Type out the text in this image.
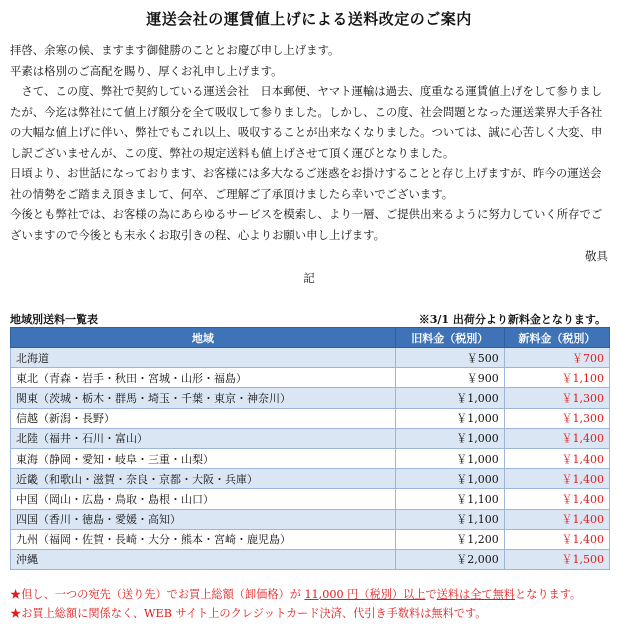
運送会社の運賃値上げによる送料改定のご案内

拝啓、余寒の候、ますます御健勝のこととお慶び申し上げます。

平素は格別のご高配を賜り、厚くお礼申し上げます。

さて、この度、弊社で契約している運送会社　日本郵便、ヤマト運輸は過去、度重なる運賃値上げをして参りましたが、今迄は弊社にて値上げ額分を全て吸収して参りました。しかし、この度、社会問題となった運送業界大手各社の大幅な値上げに伴い、弊社でもこれ以上、吸収することが出来なくなりました。ついては、誠に心苦しく大変、申し訳ございませんが、この度、弊社の規定送料も値上げさせて頂く運びとなりました。

日頃より、お世話になっております、お客様には多大なるご迷惑をお掛けすることと存じ上げますが、昨今の運送会社の情勢をご踏まえ頂きまして、何卒、ご理解ご了承頂けましたら幸いでございます。

今後とも弊社では、お客様の為にあらゆるサービスを模索し、より一層、ご提供出来るように努力していく所存でございますので今後とも末永くお取引きの程、心よりお願い申し上げます。

敬具
記
地域別送料一覧表	※3/1 出荷分より新料金となります。
地域	旧料金（税別）	新料金（税別）
北海道	￥500	￥700
東北（青森・岩手・秋田・宮城・山形・福島）	￥900	￥1,100
関東（茨城・栃木・群馬・埼玉・千葉・東京・神奈川）	￥1,000	￥1,300
信越（新潟・長野）	￥1,000	￥1,300
北陸（福井・石川・富山）	￥1,000	￥1,400
東海（静岡・愛知・岐阜・三重・山梨）	￥1,000	￥1,400
近畿（和歌山・滋賀・奈良・京都・大阪・兵庫）	￥1,000	￥1,400
中国（岡山・広島・鳥取・島根・山口）	￥1,100	￥1,400
四国（香川・徳島・愛媛・高知）	￥1,100	￥1,400
九州（福岡・佐賀・長崎・大分・熊本・宮崎・鹿児島）	￥1,200	￥1,400
沖縄	￥2,000	￥1,500
★但し、一つの宛先（送り先）でお買上総額（卸価格）が 11,000 円（税別）以上で送料は全て無料となります。
★お買上総額に関係なく、WEB サイト上のクレジットカード決済、代引き手数料は無料です。
